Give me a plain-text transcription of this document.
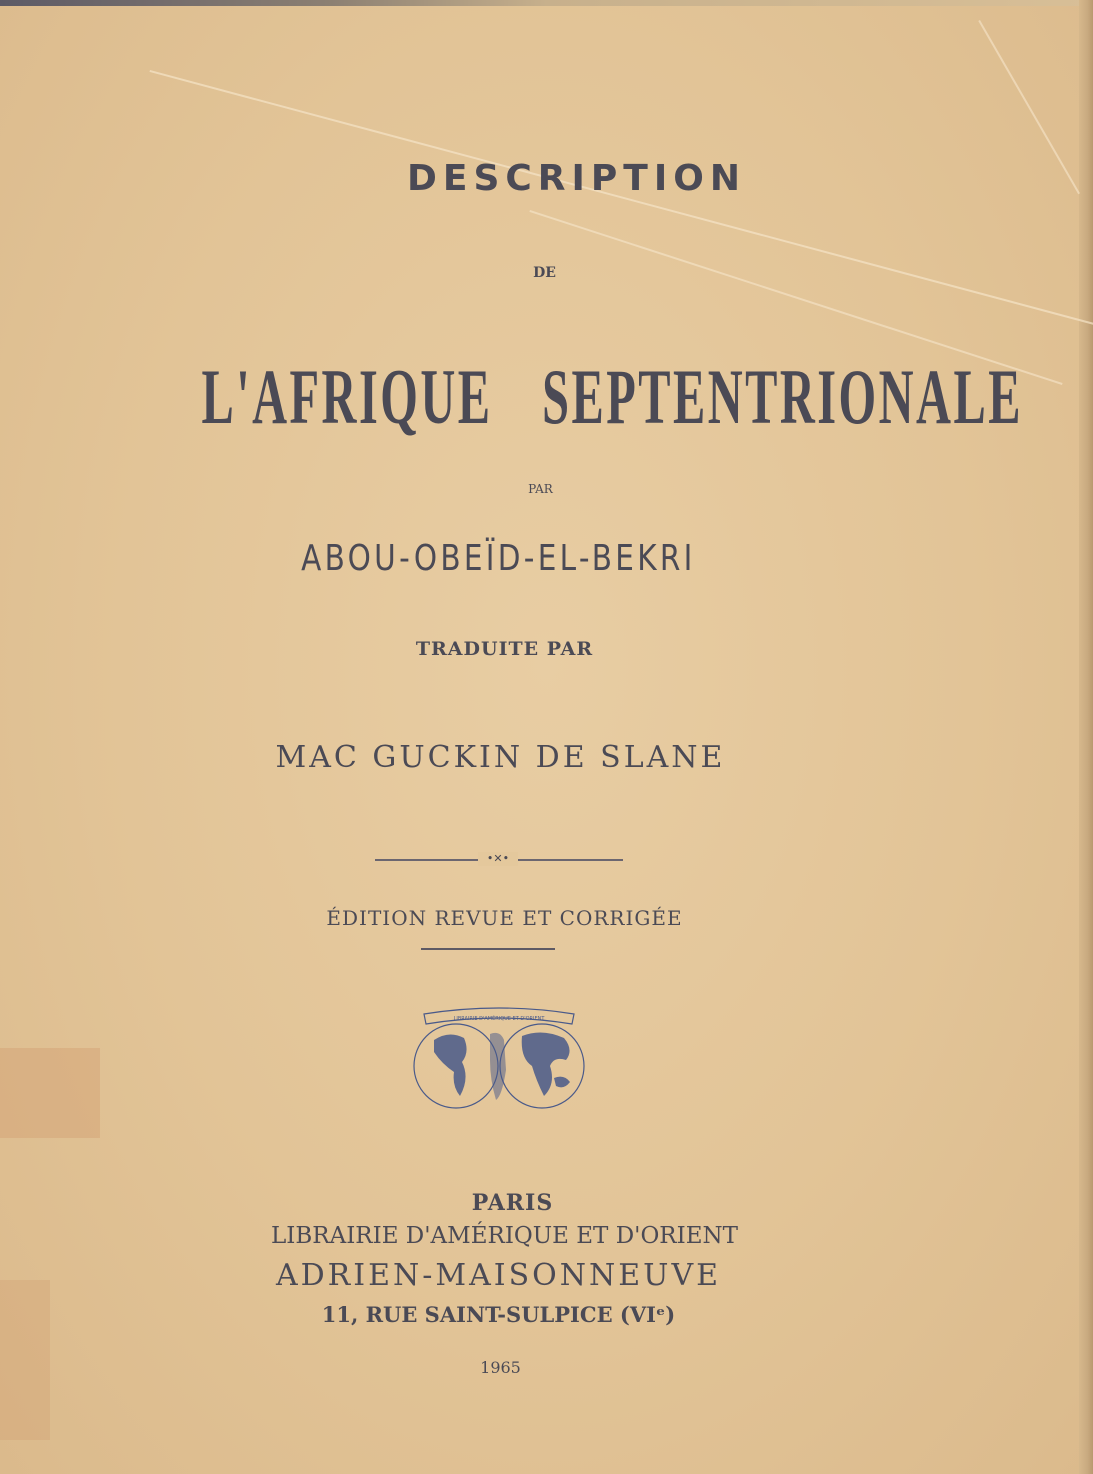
DESCRIPTION
DE
L'AFRIQUE SEPTENTRIONALE
PAR
ABOU-OBEÏD-EL-BEKRI
TRADUITE PAR
MAC GUCKIN DE SLANE
•✕•
ÉDITION REVUE ET CORRIGÉE
LIBRAIRIE D'AMÉRIQUE ET D'ORIENT
PARIS
LIBRAIRIE D'AMÉRIQUE ET D'ORIENT
ADRIEN-MAISONNEUVE
11, RUE SAINT-SULPICE (VIᵉ)
1965
